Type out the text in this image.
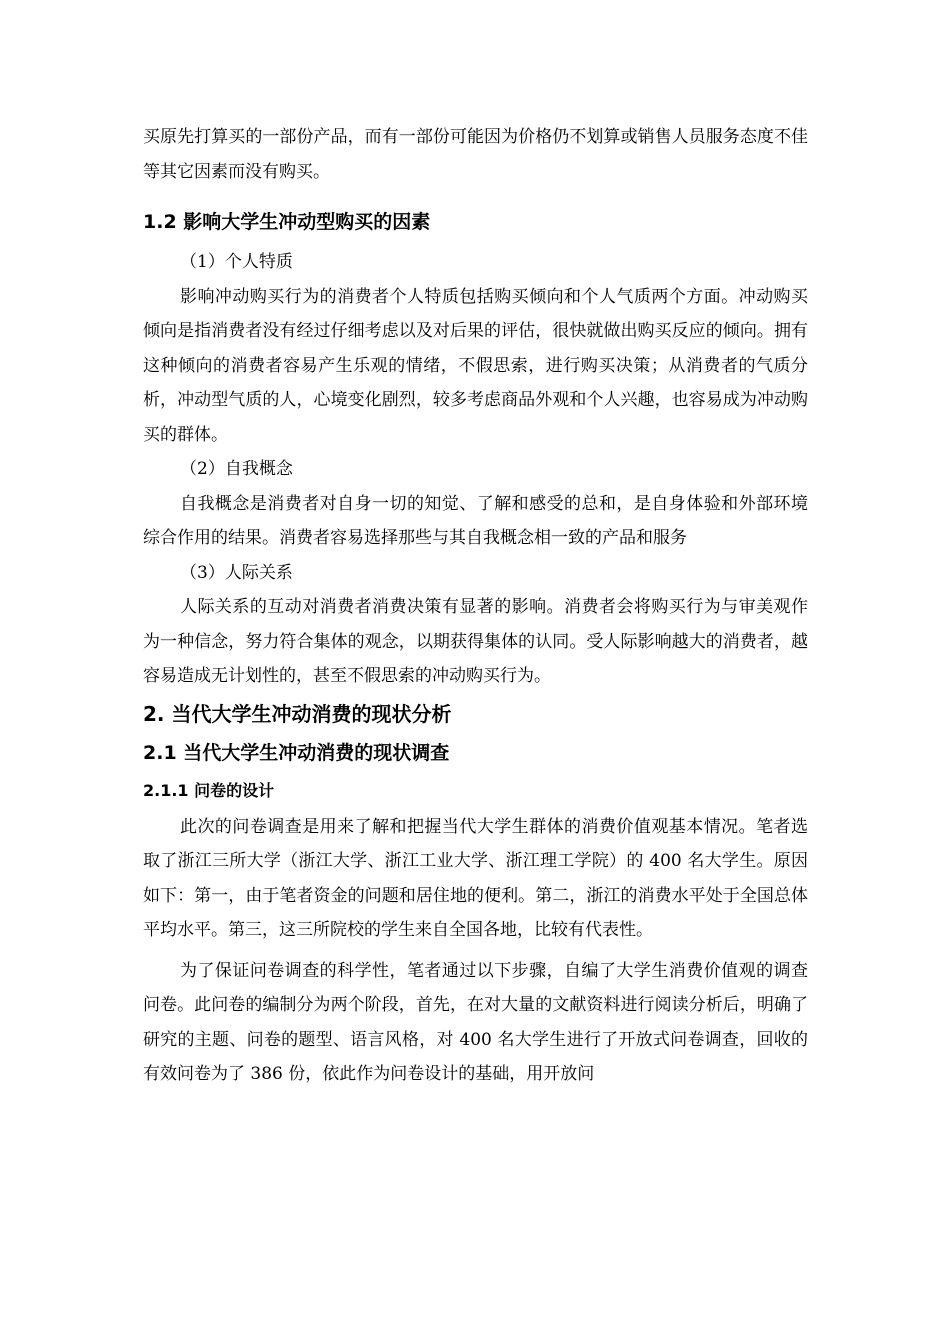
买原先打算买的一部份产品，而有一部份可能因为价格仍不划算或销售人员服务态度不佳等其它因素而没有购买。

1.2 影响大学生冲动型购买的因素

（1）个人特质

影响冲动购买行为的消费者个人特质包括购买倾向和个人气质两个方面。冲动购买倾向是指消费者没有经过仔细考虑以及对后果的评估，很快就做出购买反应的倾向。拥有这种倾向的消费者容易产生乐观的情绪，不假思索，进行购买决策；从消费者的气质分析，冲动型气质的人，心境变化剧烈，较多考虑商品外观和个人兴趣，也容易成为冲动购买的群体。

（2）自我概念

自我概念是消费者对自身一切的知觉、了解和感受的总和，是自身体验和外部环境综合作用的结果。消费者容易选择那些与其自我概念相一致的产品和服务

（3）人际关系

人际关系的互动对消费者消费决策有显著的影响。消费者会将购买行为与审美观作为一种信念，努力符合集体的观念，以期获得集体的认同。受人际影响越大的消费者，越容易造成无计划性的，甚至不假思索的冲动购买行为。

2. 当代大学生冲动消费的现状分析
2.1 当代大学生冲动消费的现状调查
2.1.1 问卷的设计

此次的问卷调查是用来了解和把握当代大学生群体的消费价值观基本情况。笔者选取了浙江三所大学（浙江大学、浙江工业大学、浙江理工学院）的 400 名大学生。原因如下：第一，由于笔者资金的问题和居住地的便利。第二，浙江的消费水平处于全国总体平均水平。第三，这三所院校的学生来自全国各地，比较有代表性。

为了保证问卷调查的科学性，笔者通过以下步骤，自编了大学生消费价值观的调查问卷。此问卷的编制分为两个阶段，首先，在对大量的文献资料进行阅读分析后，明确了研究的主题、问卷的题型、语言风格，对 400 名大学生进行了开放式问卷调查，回收的有效问卷为了 386 份，依此作为问卷设计的基础，用开放问
